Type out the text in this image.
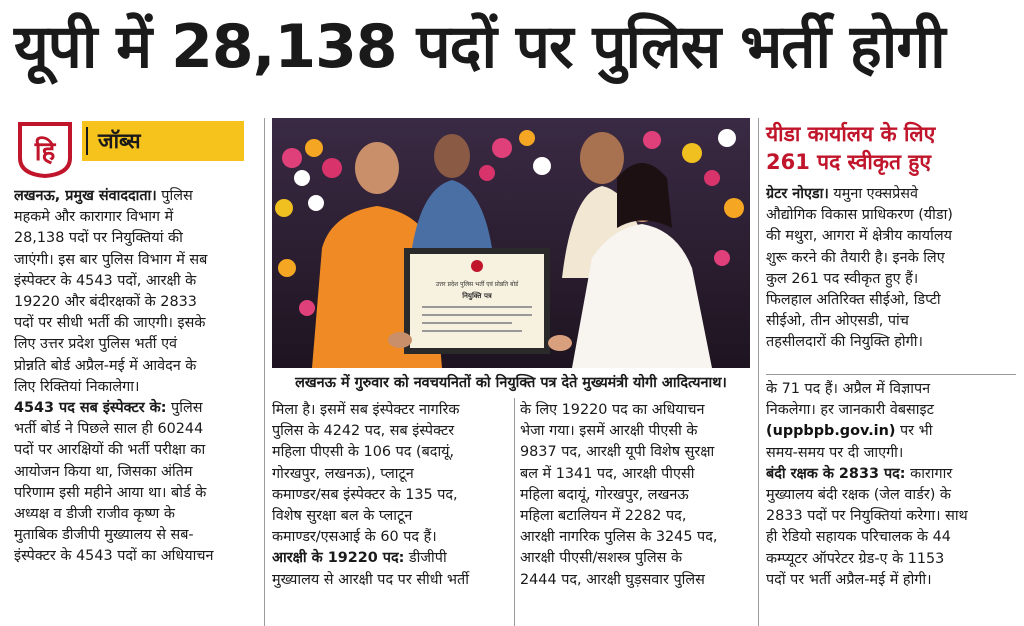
यूपी में 28,138 पदों पर पुलिस भर्ती होगी
हि जॉब्स
उत्तर प्रदेश पुलिस भर्ती एवं प्रोन्नति बोर्ड
नियुक्ति पत्र
लखनऊ में गुरुवार को नवचयनितों को नियुक्ति पत्र देते मुख्यमंत्री योगी आदित्यनाथ।

यीडा कार्यालय के लिए

261 पद स्वीकृत हुए

ग्रेटर नोएडा। यमुना एक्सप्रेसवे

औद्योगिक विकास प्राधिकरण (यीडा)

की मथुरा, आगरा में क्षेत्रीय कार्यालय

शुरू करने की तैयारी है। इनके लिए

कुल 261 पद स्वीकृत हुए हैं।

फिलहाल अतिरिक्त सीईओ, डिप्टी

सीईओ, तीन ओएसडी, पांच

तहसीलदारों की नियुक्ति होगी।

लखनऊ, प्रमुख संवाददाता। पुलिस

महकमे और कारागार विभाग में

28,138 पदों पर नियुक्तियां की

जाएंगी। इस बार पुलिस विभाग में सब

इंस्पेक्टर के 4543 पदों, आरक्षी के

19220 और बंदीरक्षकों के 2833

पदों पर सीधी भर्ती की जाएगी। इसके

लिए उत्तर प्रदेश पुलिस भर्ती एवं

प्रोन्नति बोर्ड अप्रैल-मई में आवेदन के

लिए रिक्तियां निकालेगा।

4543 पद सब इंस्पेक्टर के: पुलिस

भर्ती बोर्ड ने पिछले साल ही 60244

पदों पर आरक्षियों की भर्ती परीक्षा का

आयोजन किया था, जिसका अंतिम

परिणाम इसी महीने आया था। बोर्ड के

अध्यक्ष व डीजी राजीव कृष्ण के

मुताबिक डीजीपी मुख्यालय से सब-

इंस्पेक्टर के 4543 पदों का अधियाचन

मिला है। इसमें सब इंस्पेक्टर नागरिक

पुलिस के 4242 पद, सब इंस्पेक्टर

महिला पीएसी के 106 पद (बदायूं,

गोरखपुर, लखनऊ), प्लाटून

कमाण्डर/सब इंस्पेक्टर के 135 पद,

विशेष सुरक्षा बल के प्लाटून

कमाण्डर/एसआई के 60 पद हैं।

आरक्षी के 19220 पद: डीजीपी

मुख्यालय से आरक्षी पद पर सीधी भर्ती

के लिए 19220 पद का अधियाचन

भेजा गया। इसमें आरक्षी पीएसी के

9837 पद, आरक्षी यूपी विशेष सुरक्षा

बल में 1341 पद, आरक्षी पीएसी

महिला बदायूं, गोरखपुर, लखनऊ

महिला बटालियन में 2282 पद,

आरक्षी नागरिक पुलिस के 3245 पद,

आरक्षी पीएसी/सशस्त्र पुलिस के

2444 पद, आरक्षी घुड़सवार पुलिस

के 71 पद हैं। अप्रैल में विज्ञापन

निकलेगा। हर जानकारी वेबसाइट

(uppbpb.gov.in) पर भी

समय-समय पर दी जाएगी।

बंदी रक्षक के 2833 पद: कारागार

मुख्यालय बंदी रक्षक (जेल वार्डर) के

2833 पदों पर नियुक्तियां करेगा। साथ

ही रेडियो सहायक परिचालक के 44

कम्प्यूटर ऑपरेटर ग्रेड-ए के 1153

पदों पर भर्ती अप्रैल-मई में होगी।
